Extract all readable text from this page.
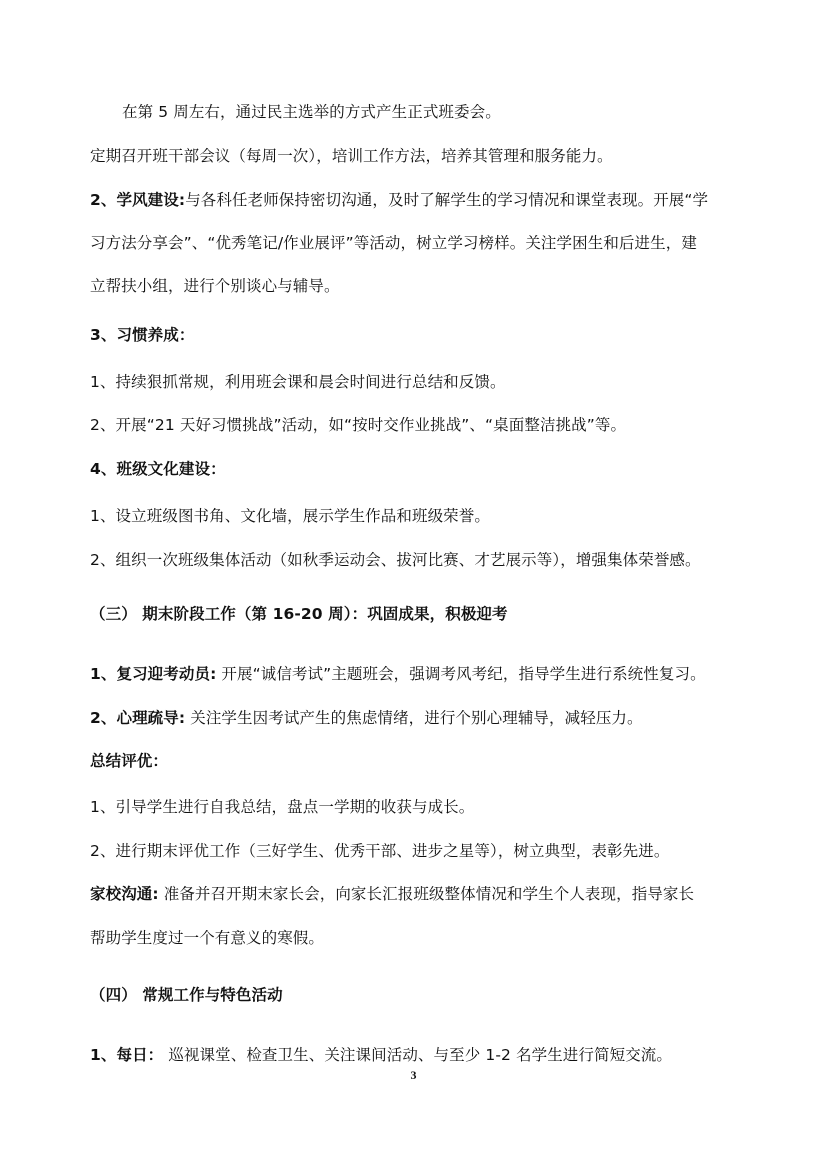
在第 5 周左右，通过民主选举的方式产生正式班委会。
定期召开班干部会议（每周一次），培训工作方法，培养其管理和服务能力。
2、学风建设:与各科任老师保持密切沟通，及时了解学生的学习情况和课堂表现。开展“学
习方法分享会”、“优秀笔记/作业展评”等活动，树立学习榜样。关注学困生和后进生，建
立帮扶小组，进行个别谈心与辅导。
3、习惯养成：
1、持续狠抓常规，利用班会课和晨会时间进行总结和反馈。
2、开展“21 天好习惯挑战”活动，如“按时交作业挑战”、“桌面整洁挑战”等。
4、班级文化建设：
1、设立班级图书角、文化墙，展示学生作品和班级荣誉。
2、组织一次班级集体活动（如秋季运动会、拔河比赛、才艺展示等），增强集体荣誉感。
（三） 期末阶段工作（第 16-20 周）：巩固成果，积极迎考
1、复习迎考动员: 开展“诚信考试”主题班会，强调考风考纪，指导学生进行系统性复习。
2、心理疏导: 关注学生因考试产生的焦虑情绪，进行个别心理辅导，减轻压力。
总结评优：
1、引导学生进行自我总结，盘点一学期的收获与成长。
2、进行期末评优工作（三好学生、优秀干部、进步之星等），树立典型，表彰先进。
家校沟通: 准备并召开期末家长会，向家长汇报班级整体情况和学生个人表现，指导家长
帮助学生度过一个有意义的寒假。
（四） 常规工作与特色活动
1、每日： 巡视课堂、检查卫生、关注课间活动、与至少 1-2 名学生进行简短交流。
3
